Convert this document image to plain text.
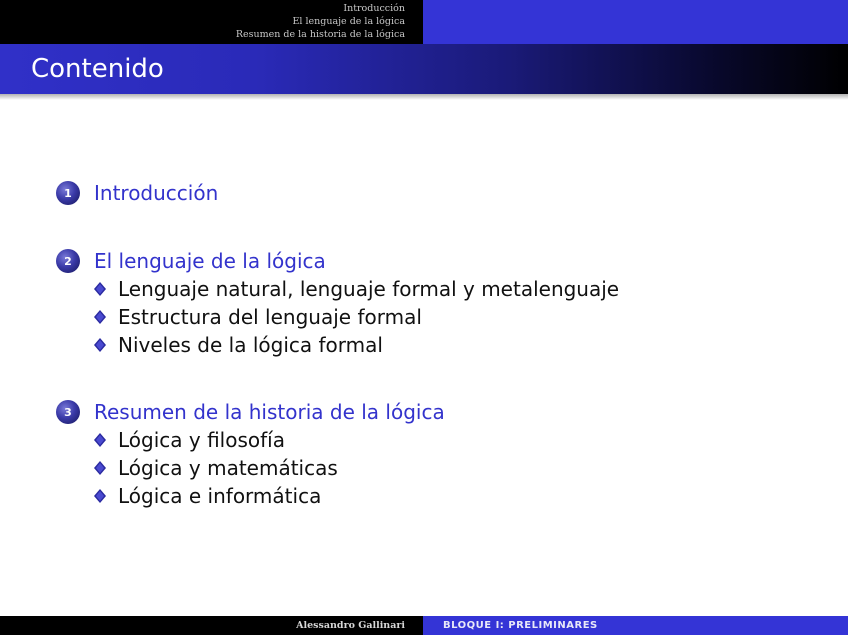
Introducción
El lenguaje de la lógica
Resumen de la historia de la lógica
Contenido
1	Introducción
2	El lenguaje de la lógica
Lenguaje natural, lenguaje formal y metalenguaje
Estructura del lenguaje formal
Niveles de la lógica formal
3	Resumen de la historia de la lógica
Lógica y filosofía
Lógica y matemáticas
Lógica e informática
Alessandro Gallinari	BLOQUE I: PRELIMINARES
